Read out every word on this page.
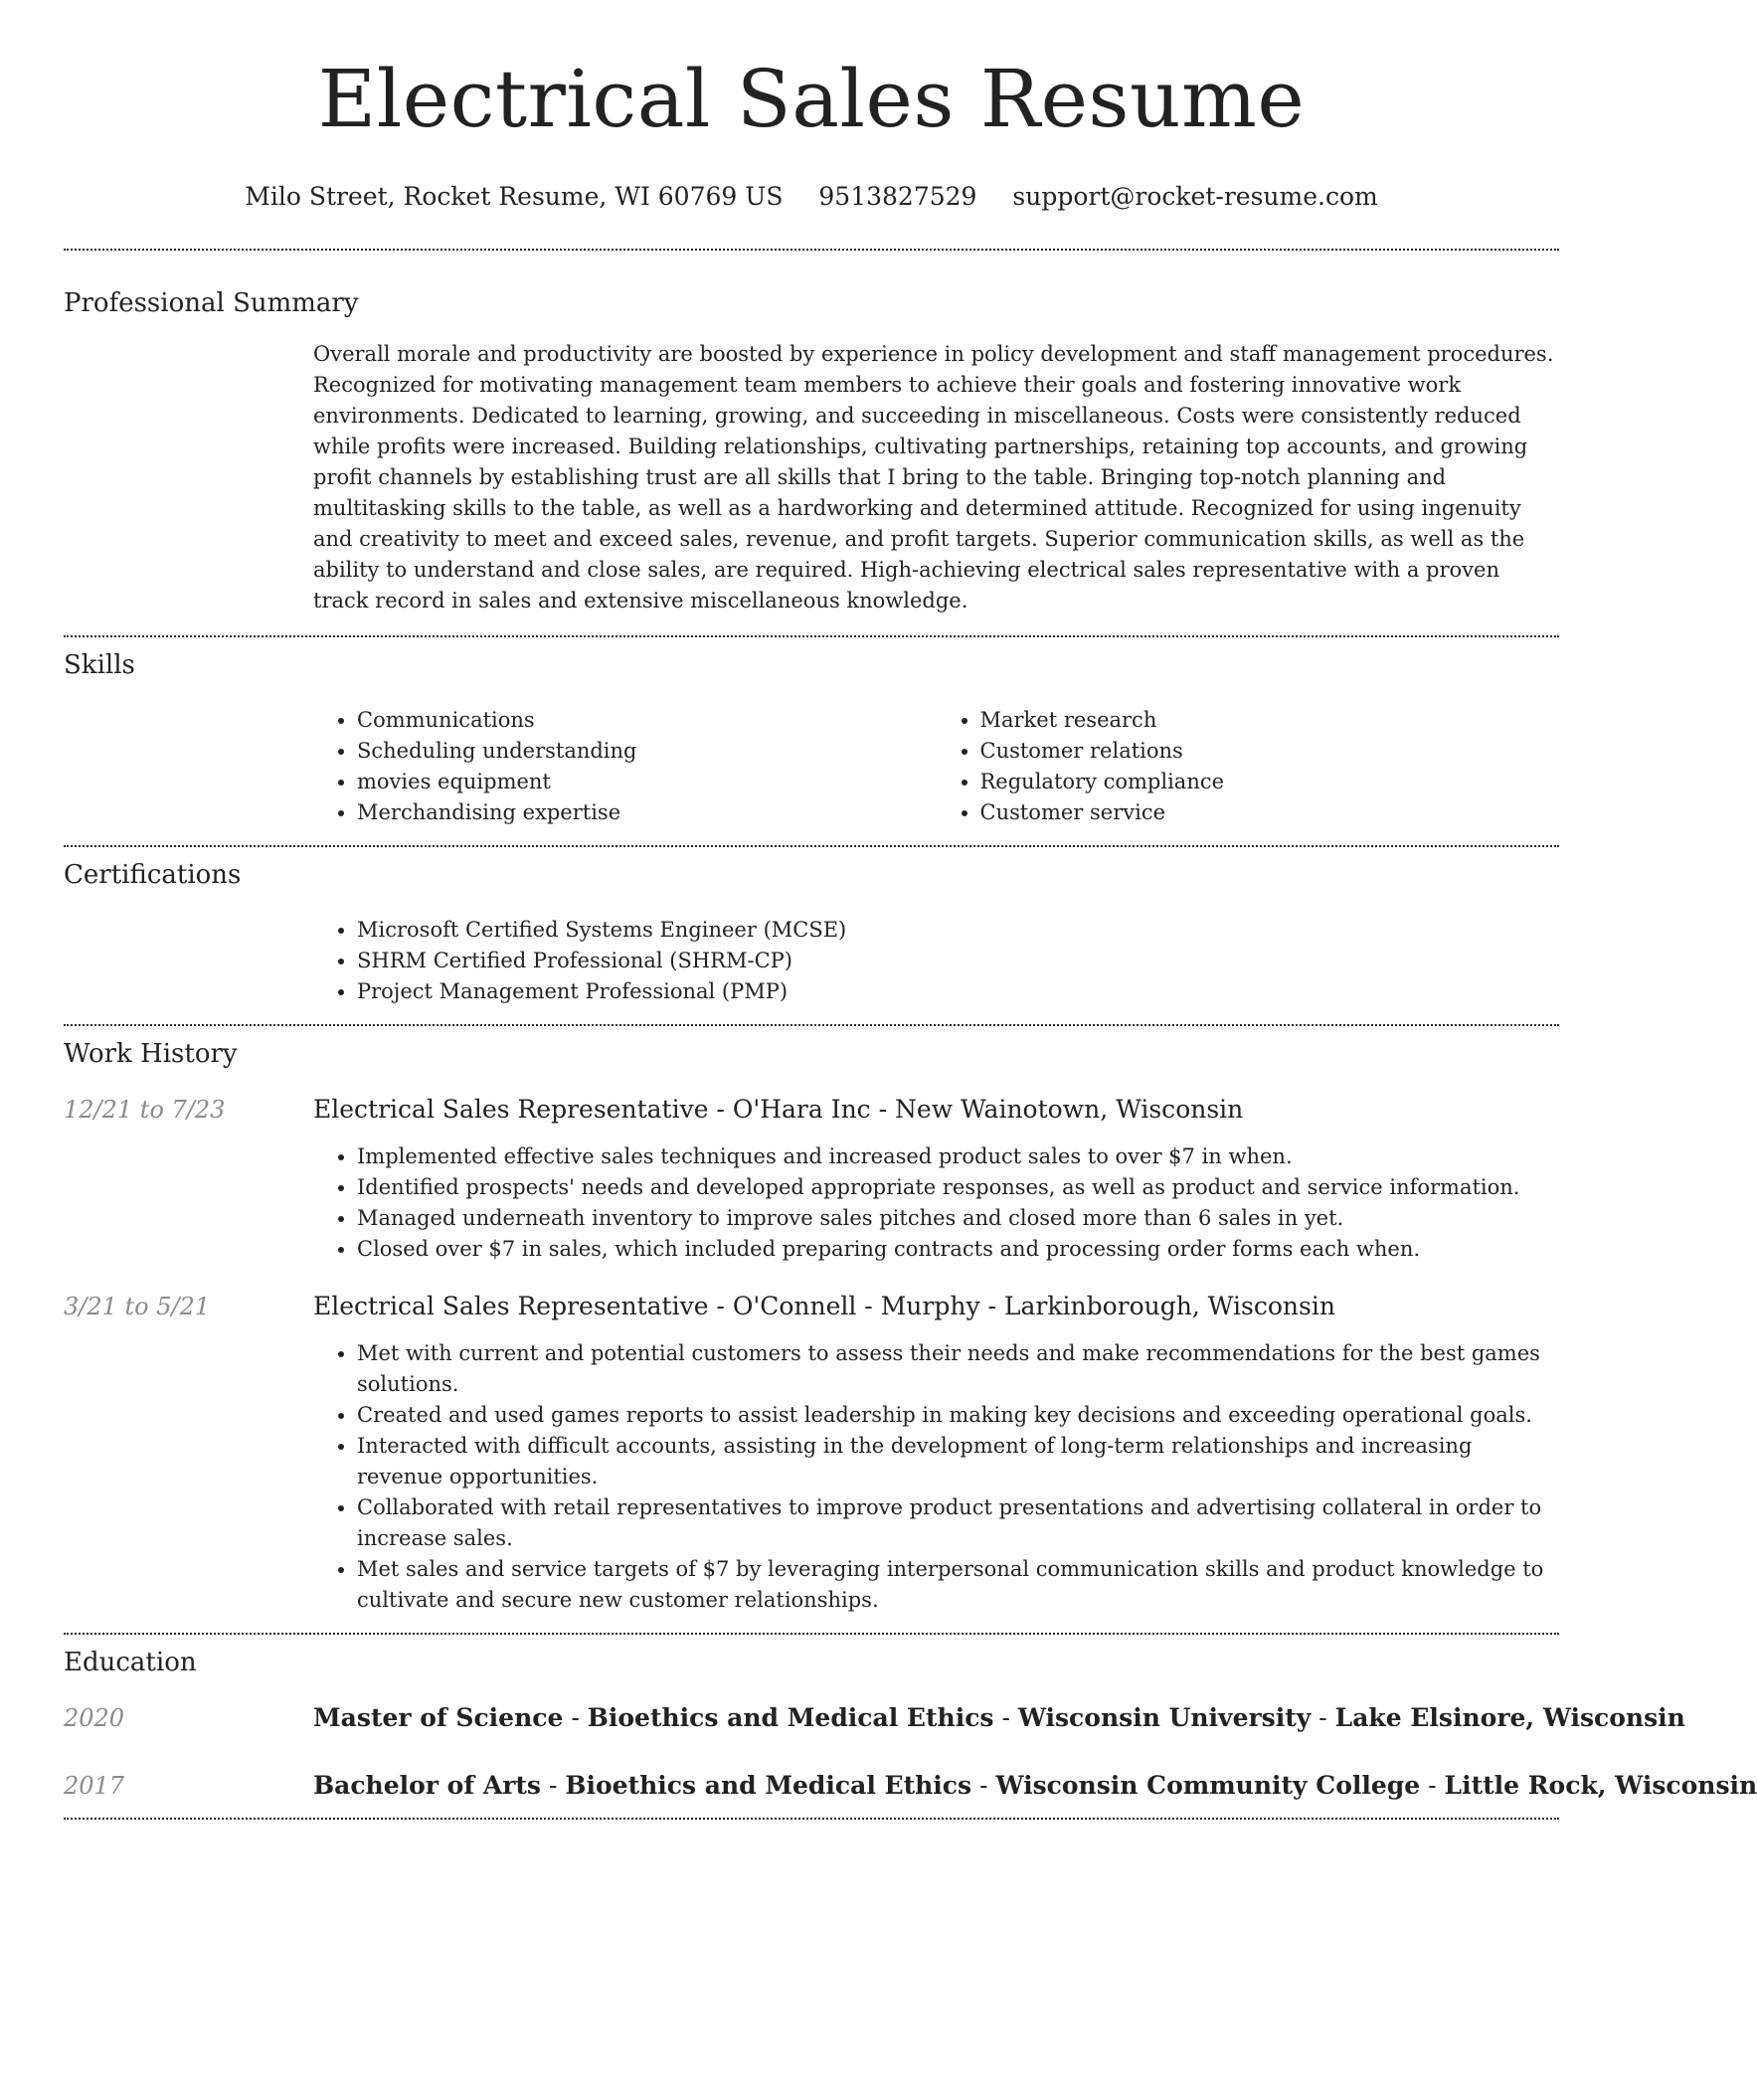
Electrical Sales Resume
Milo Street, Rocket Resume, WI 60769 US 9513827529 support@rocket-resume.com
Professional Summary
Overall morale and productivity are boosted by experience in policy development and staff management procedures. Recognized for motivating management team members to achieve their goals and fostering innovative work environments. Dedicated to learning, growing, and succeeding in miscellaneous. Costs were consistently reduced while profits were increased. Building relationships, cultivating partnerships, retaining top accounts, and growing profit channels by establishing trust are all skills that I bring to the table. Bringing top-notch planning and multitasking skills to the table, as well as a hardworking and determined attitude. Recognized for using ingenuity and creativity to meet and exceed sales, revenue, and profit targets. Superior communication skills, as well as the ability to understand and close sales, are required. High-achieving electrical sales representative with a proven track record in sales and extensive miscellaneous knowledge.
Skills
• Communications
• Scheduling understanding
• movies equipment
• Merchandising expertise
• Market research
• Customer relations
• Regulatory compliance
• Customer service
Certifications
• Microsoft Certified Systems Engineer (MCSE)
• SHRM Certified Professional (SHRM-CP)
• Project Management Professional (PMP)
Work History
12/21 to 7/23	Electrical Sales Representative - O'Hara Inc - New Wainotown, Wisconsin
• Implemented effective sales techniques and increased product sales to over $7 in when.
• Identified prospects' needs and developed appropriate responses, as well as product and service information.
• Managed underneath inventory to improve sales pitches and closed more than 6 sales in yet.
• Closed over $7 in sales, which included preparing contracts and processing order forms each when.
3/21 to 5/21	Electrical Sales Representative - O'Connell - Murphy - Larkinborough, Wisconsin
• Met with current and potential customers to assess their needs and make recommendations for the best games solutions.
• Created and used games reports to assist leadership in making key decisions and exceeding operational goals.
• Interacted with difficult accounts, assisting in the development of long-term relationships and increasing revenue opportunities.
• Collaborated with retail representatives to improve product presentations and advertising collateral in order to increase sales.
• Met sales and service targets of $7 by leveraging interpersonal communication skills and product knowledge to cultivate and secure new customer relationships.
Education
2020	Master of Science - Bioethics and Medical Ethics - Wisconsin University - Lake Elsinore, Wisconsin
2017	Bachelor of Arts - Bioethics and Medical Ethics - Wisconsin Community College - Little Rock, Wisconsin
